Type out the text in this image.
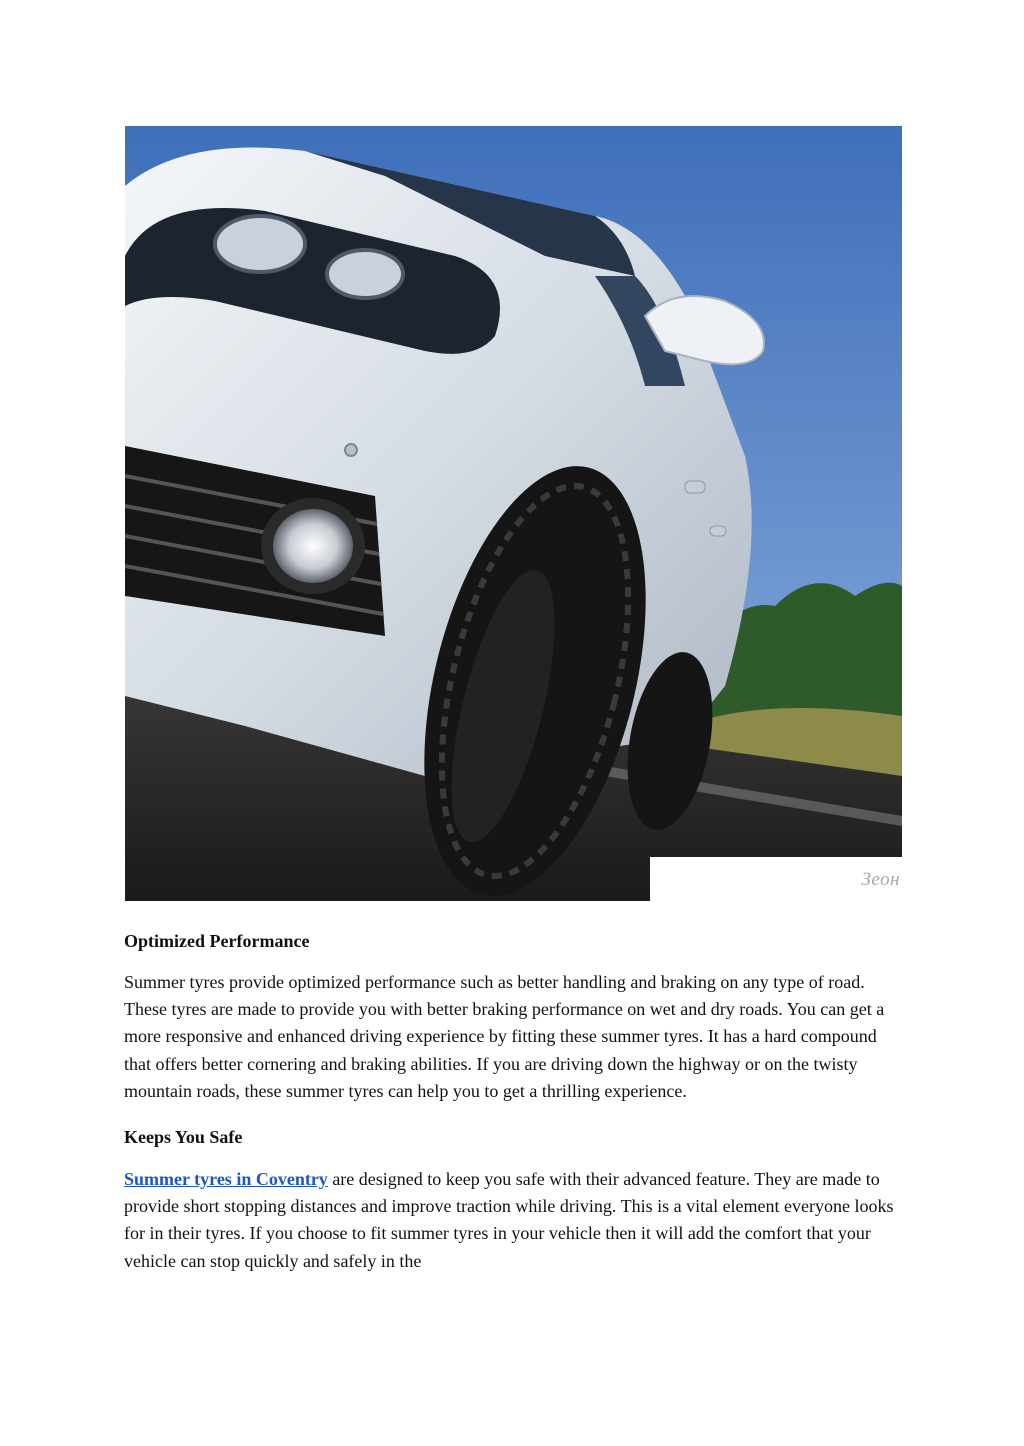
Зеон
Optimized Performance

Summer tyres provide optimized performance such as better handling and braking on any type of road. These tyres are made to provide you with better braking performance on wet and dry roads. You can get a more responsive and enhanced driving experience by fitting these summer tyres. It has a hard compound that offers better cornering and braking abilities. If you are driving down the highway or on the twisty mountain roads, these summer tyres can help you to get a thrilling experience.

Keeps You Safe

Summer tyres in Coventry are designed to keep you safe with their advanced feature. They are made to provide short stopping distances and improve traction while driving. This is a vital element everyone looks for in their tyres. If you choose to fit summer tyres in your vehicle then it will add the comfort that your vehicle can stop quickly and safely in the
